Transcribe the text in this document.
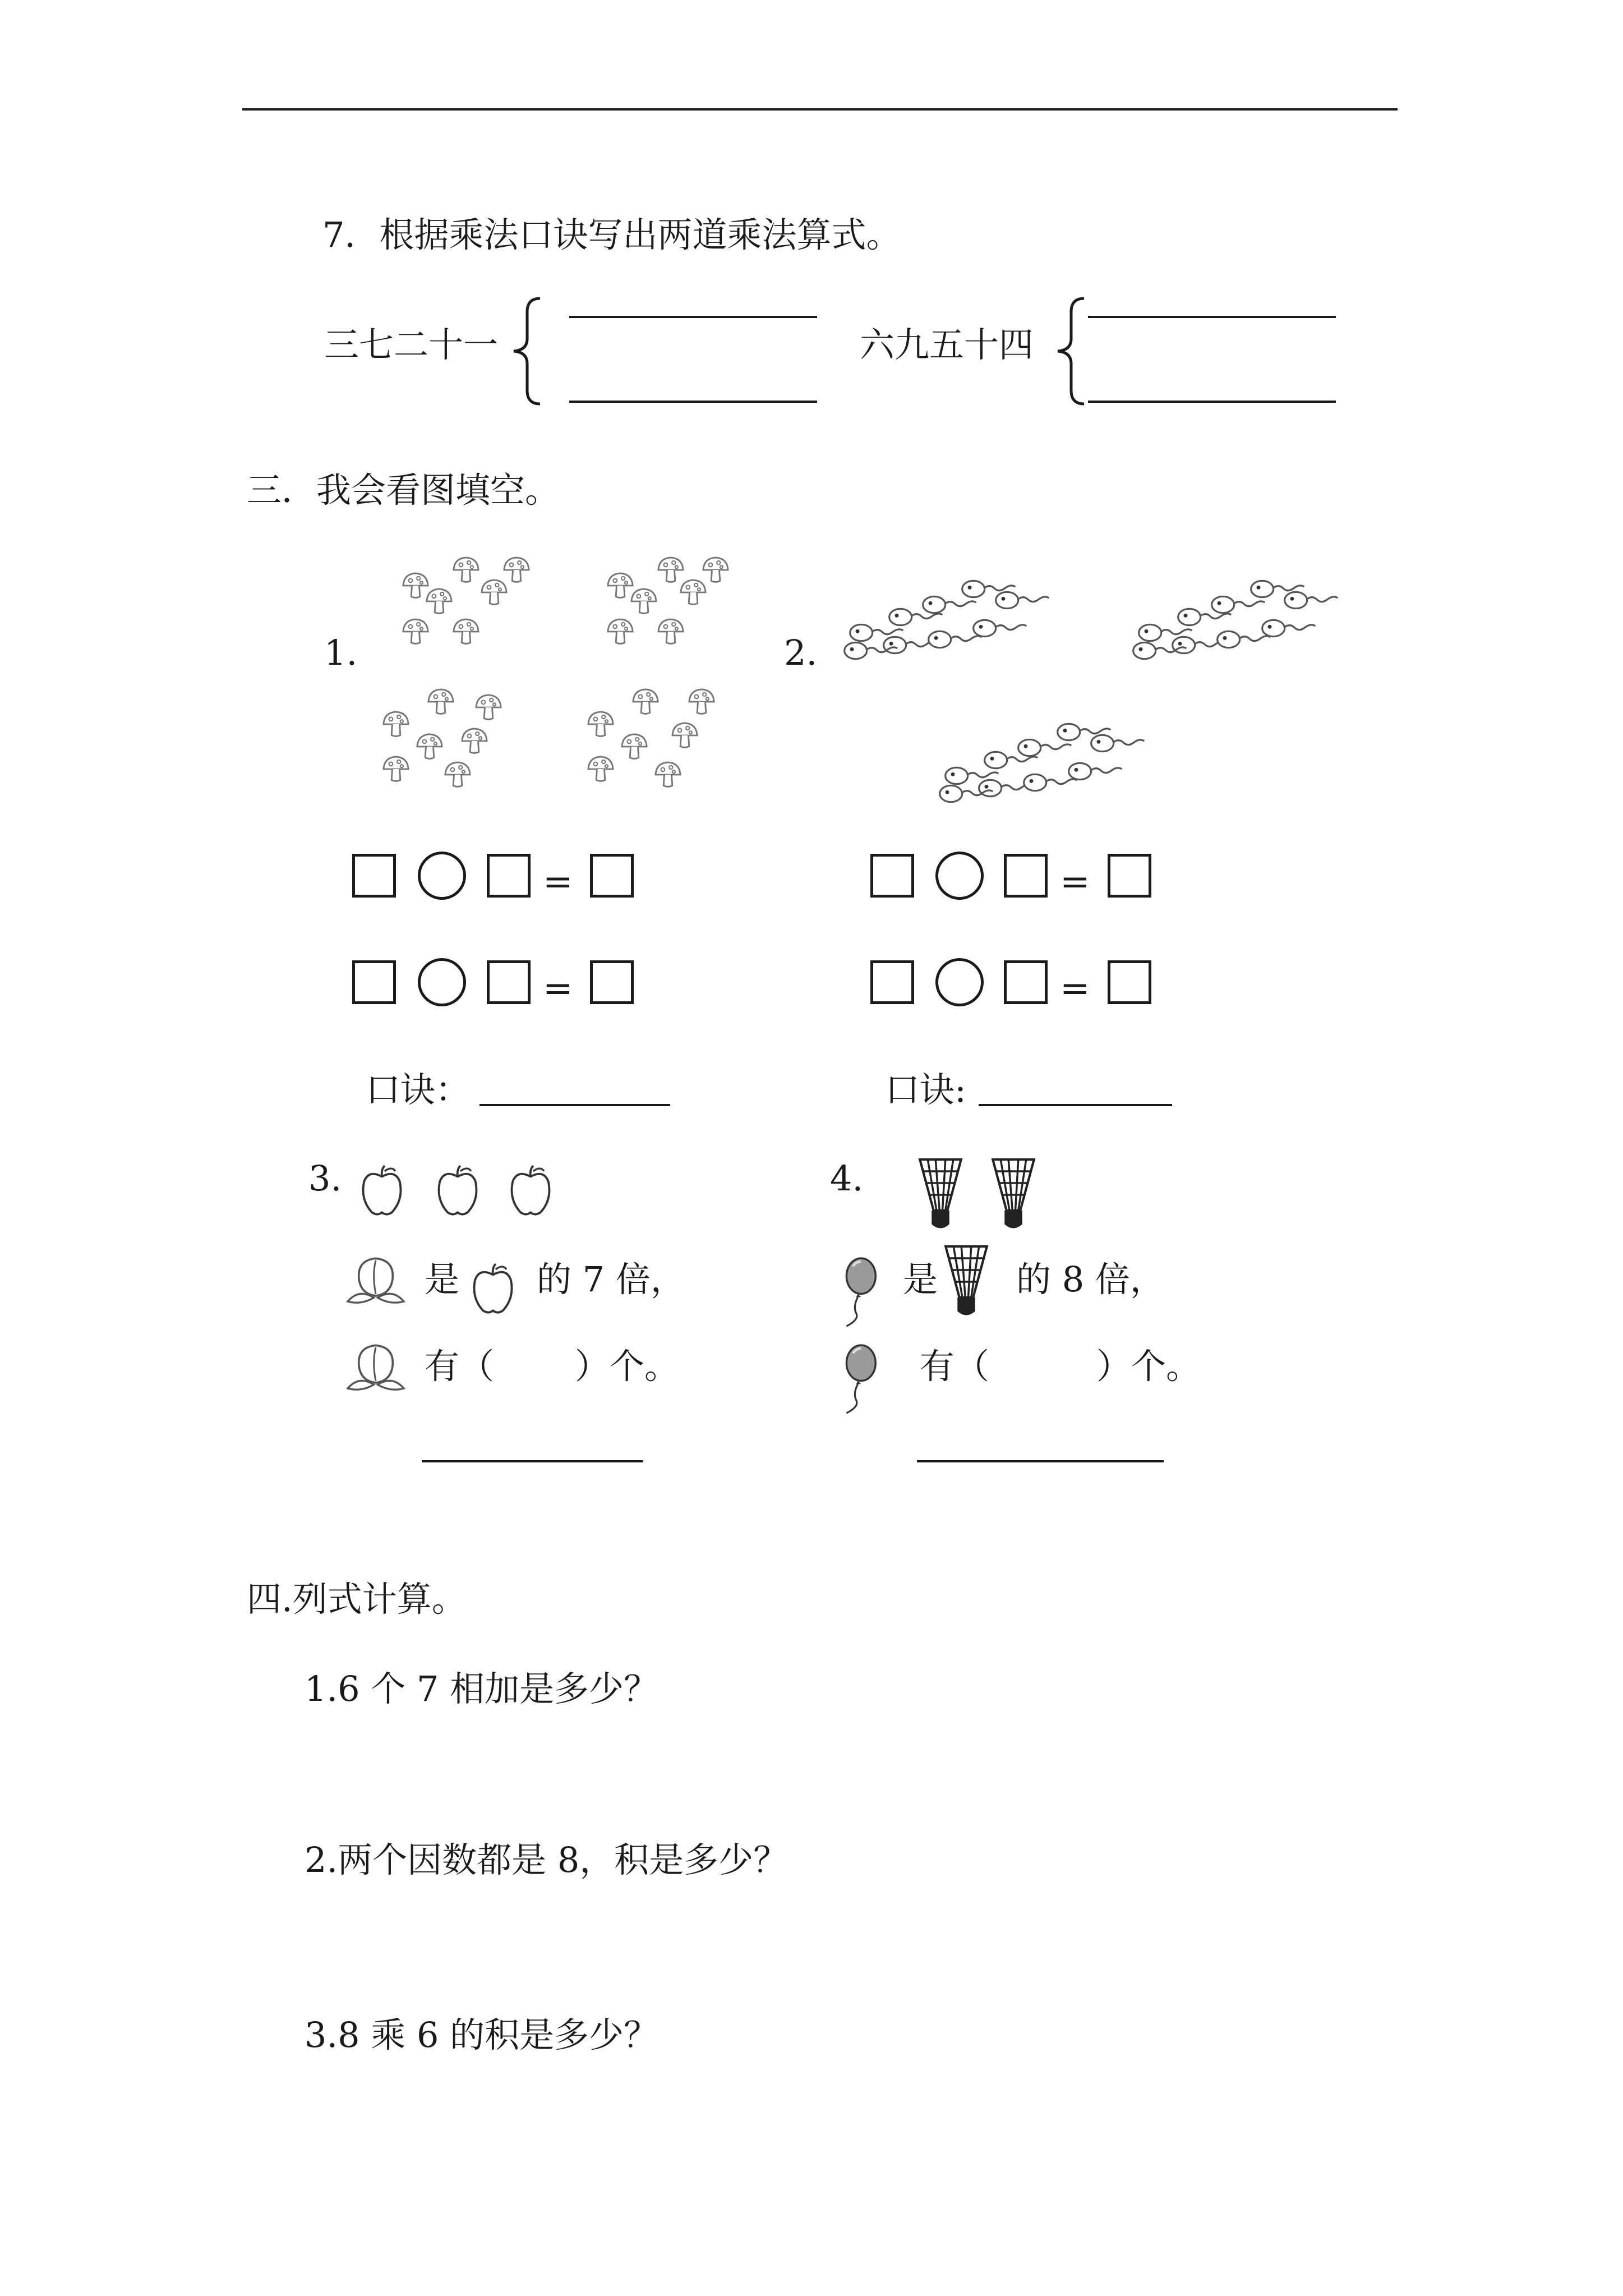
7．根据乘法口诀写出两道乘法算式。
三七二十一	六九五十四
三．我会看图填空。
1.	2.
=
=
=
=
口诀：	口诀:
3.
是 的 7 倍，
有（ ）个。
4.
是 的 8 倍，
有（	）个。
四.列式计算。
1.6 个 7 相加是多少？
2.两个因数都是 8，积是多少？
3.8 乘 6 的积是多少？
